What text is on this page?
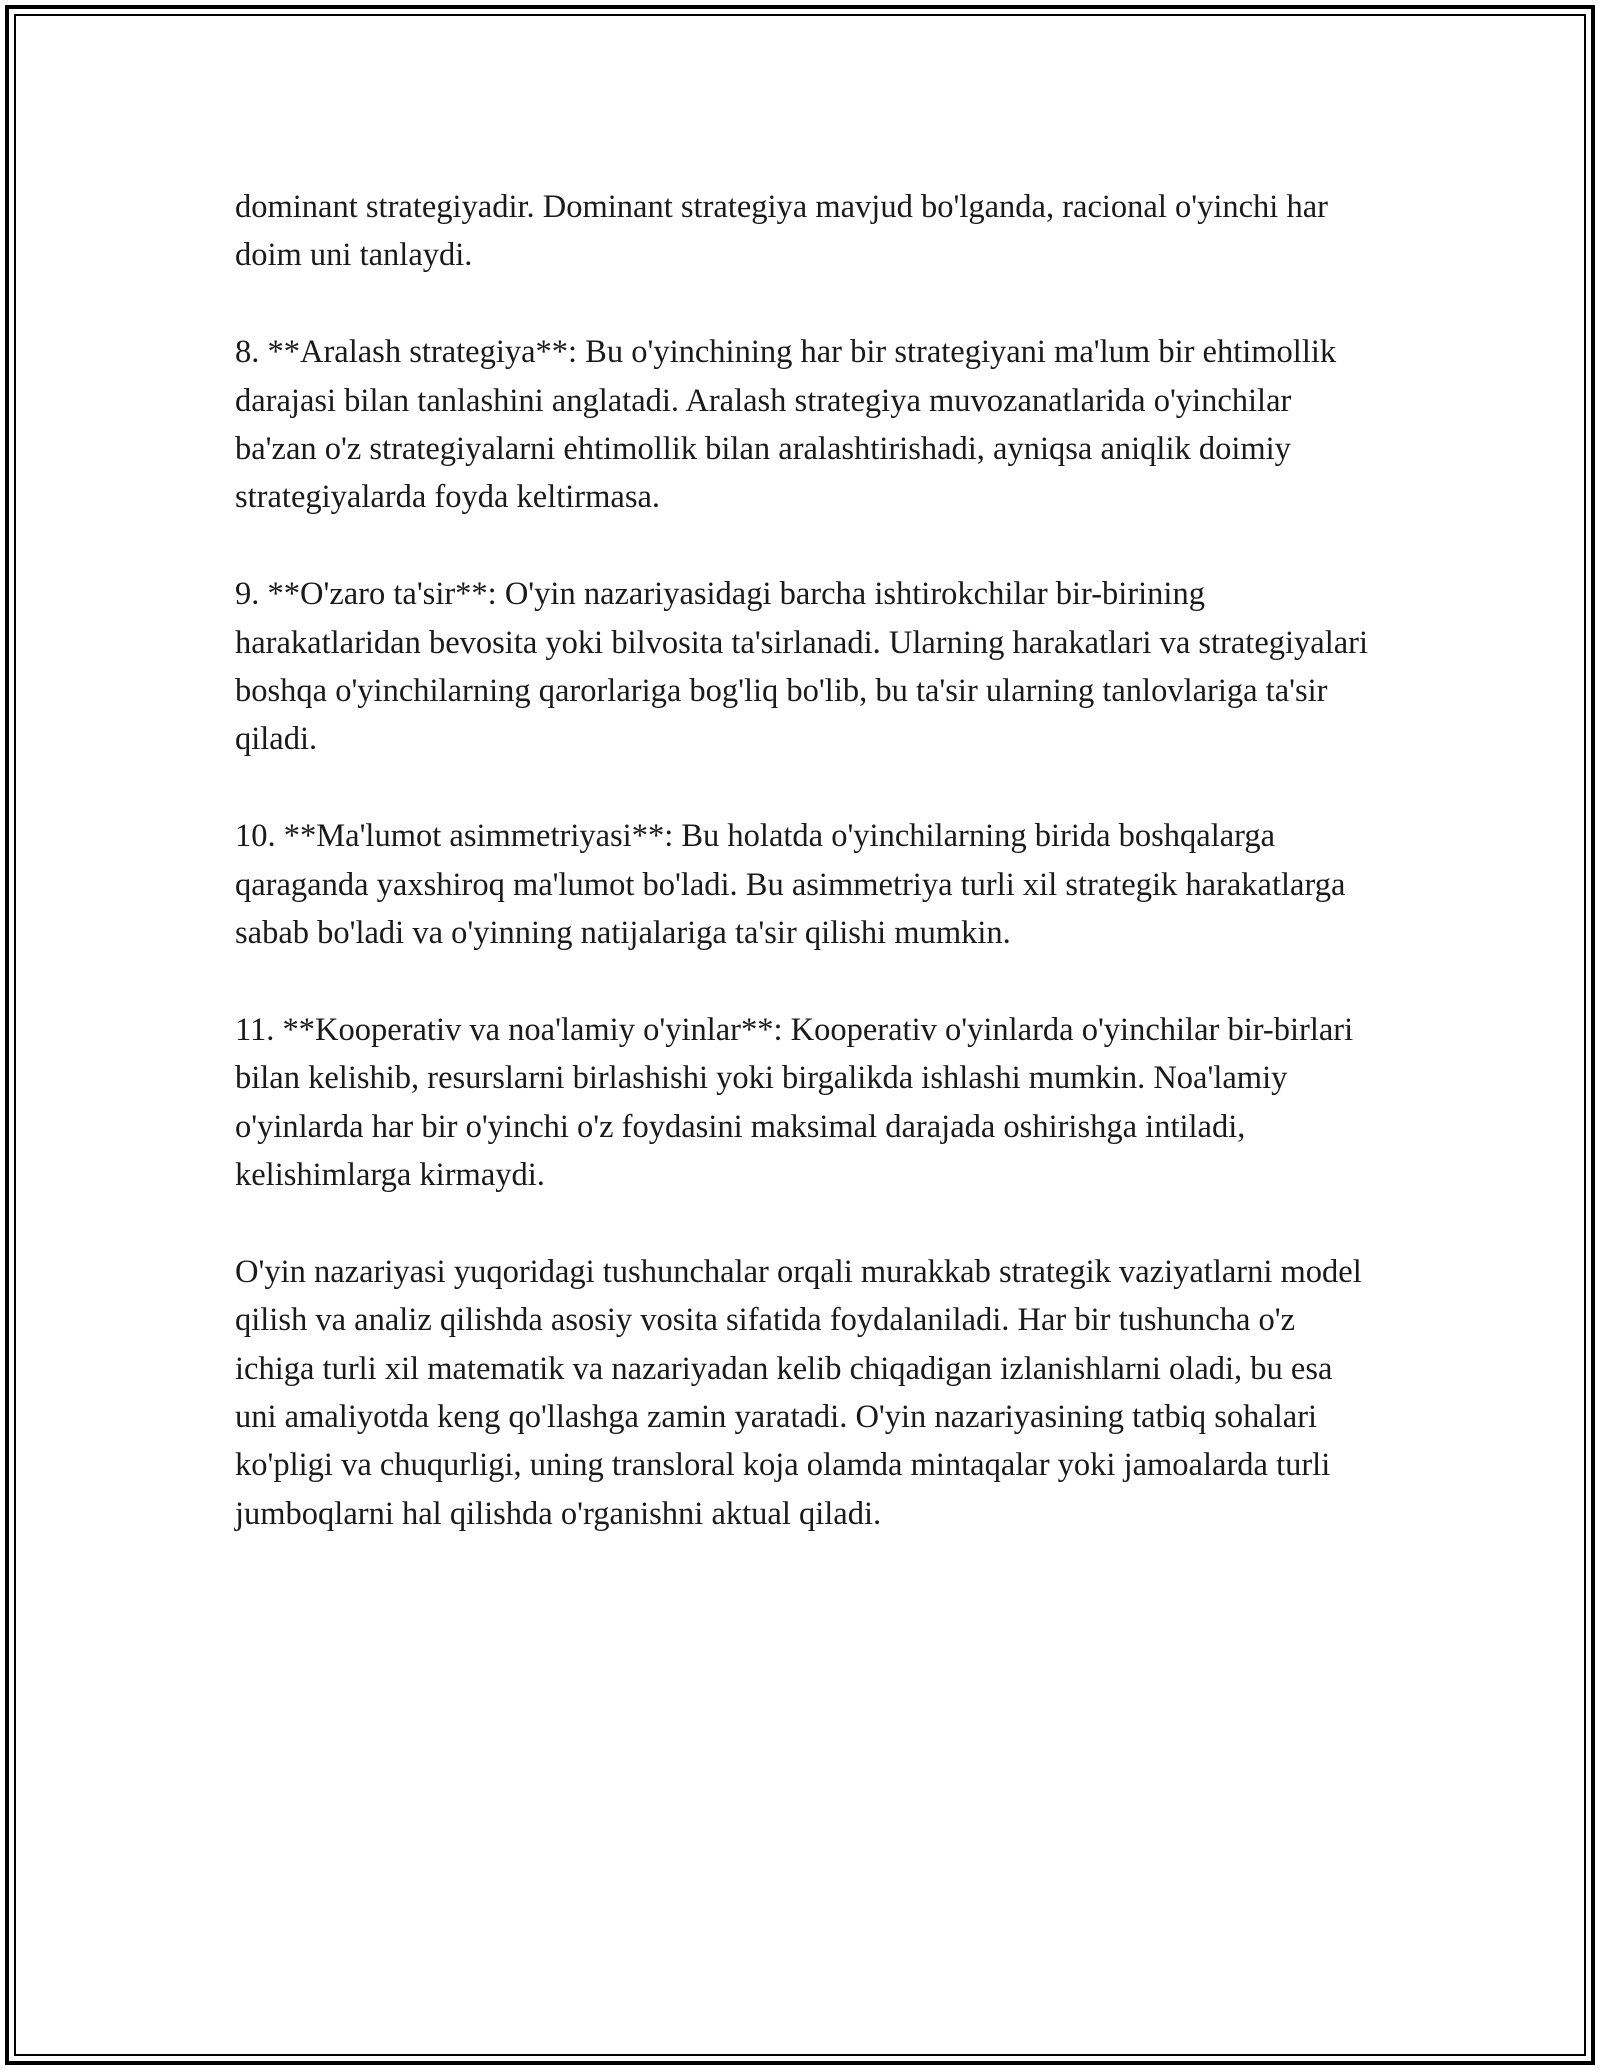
dominant strategiyadir. Dominant strategiya mavjud bo'lganda, racional o'yinchi har doim uni tanlaydi.

8. **Aralash strategiya**: Bu o'yinchining har bir strategiyani ma'lum bir ehtimollik darajasi bilan tanlashini anglatadi. Aralash strategiya muvozanatlarida o'yinchilar ba'zan o'z strategiyalarni ehtimollik bilan aralashtirishadi, ayniqsa aniqlik doimiy strategiyalarda foyda keltirmasa.

9. **O'zaro ta'sir**: O'yin nazariyasidagi barcha ishtirokchilar bir-birining harakatlaridan bevosita yoki bilvosita ta'sirlanadi. Ularning harakatlari va strategiyalari boshqa o'yinchilarning qarorlariga bog'liq bo'lib, bu ta'sir ularning tanlovlariga ta'sir qiladi.

10. **Ma'lumot asimmetriyasi**: Bu holatda o'yinchilarning birida boshqalarga qaraganda yaxshiroq ma'lumot bo'ladi. Bu asimmetriya turli xil strategik harakatlarga sabab bo'ladi va o'yinning natijalariga ta'sir qilishi mumkin.

11. **Kooperativ va noa'lamiy o'yinlar**: Kooperativ o'yinlarda o'yinchilar bir-birlari bilan kelishib, resurslarni birlashishi yoki birgalikda ishlashi mumkin. Noa'lamiy o'yinlarda har bir o'yinchi o'z foydasini maksimal darajada oshirishga intiladi, kelishimlarga kirmaydi.

O'yin nazariyasi yuqoridagi tushunchalar orqali murakkab strategik vaziyatlarni model qilish va analiz qilishda asosiy vosita sifatida foydalaniladi. Har bir tushuncha o'z ichiga turli xil matematik va nazariyadan kelib chiqadigan izlanishlarni oladi, bu esa uni amaliyotda keng qo'llashga zamin yaratadi. O'yin nazariyasining tatbiq sohalari ko'pligi va chuqurligi, uning transloral koja olamda mintaqalar yoki jamoalarda turli jumboqlarni hal qilishda o'rganishni aktual qiladi.
